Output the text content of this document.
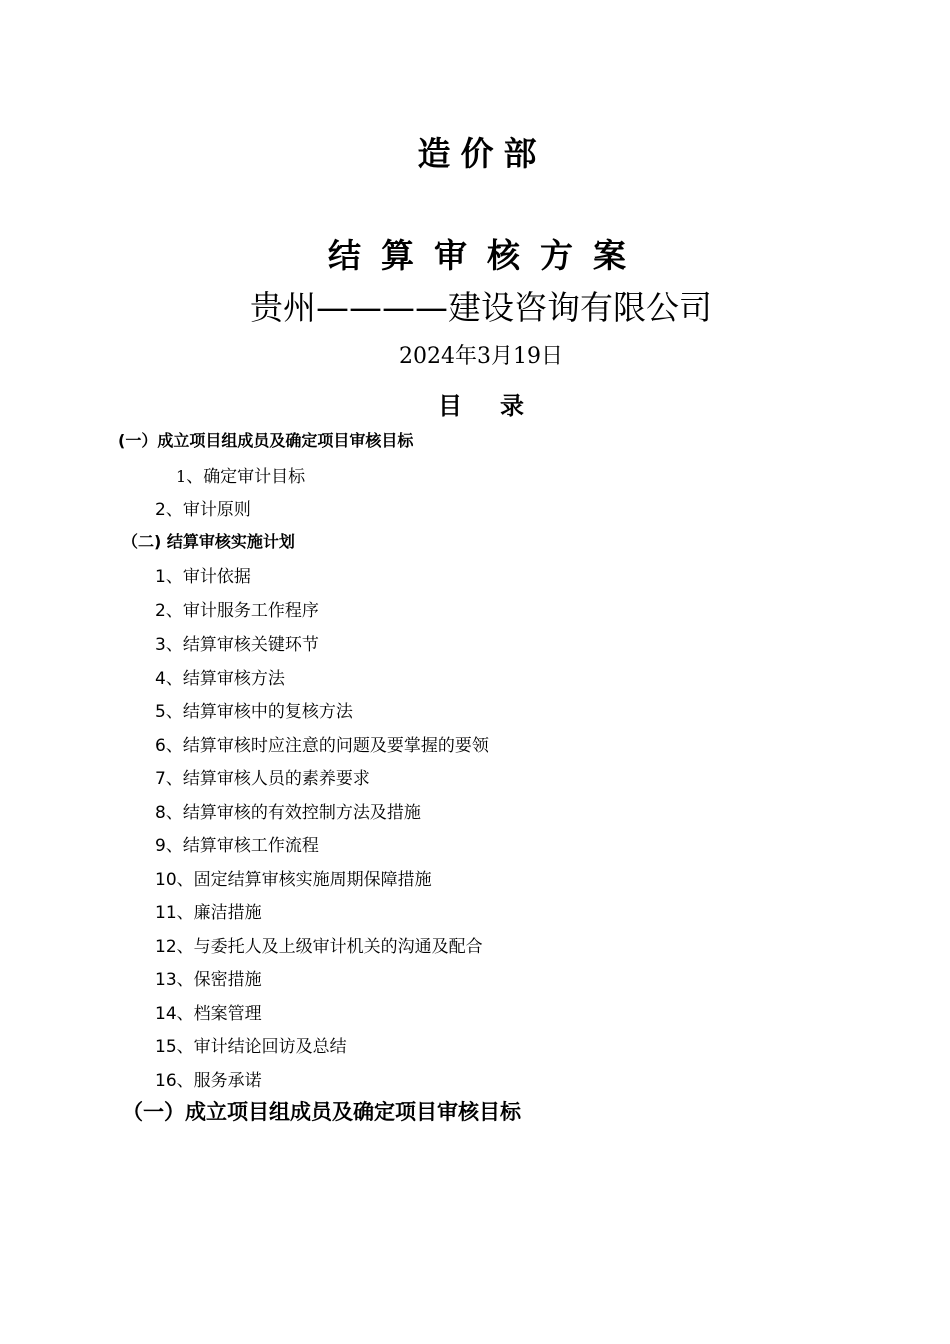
造价部
结算审核方案
贵州————建设咨询有限公司
2024年3月19日
目录
(一）成立项目组成员及确定项目审核目标
1、确定审计目标
2、审计原则
（二) 结算审核实施计划
1、审计依据
2、审计服务工作程序
3、结算审核关键环节
4、结算审核方法
5、结算审核中的复核方法
6、结算审核时应注意的问题及要掌握的要领
7、结算审核人员的素养要求
8、结算审核的有效控制方法及措施
9、结算审核工作流程
10、固定结算审核实施周期保障措施
11、廉洁措施
12、与委托人及上级审计机关的沟通及配合
13、保密措施
14、档案管理
15、审计结论回访及总结
16、服务承诺
（一）成立项目组成员及确定项目审核目标
